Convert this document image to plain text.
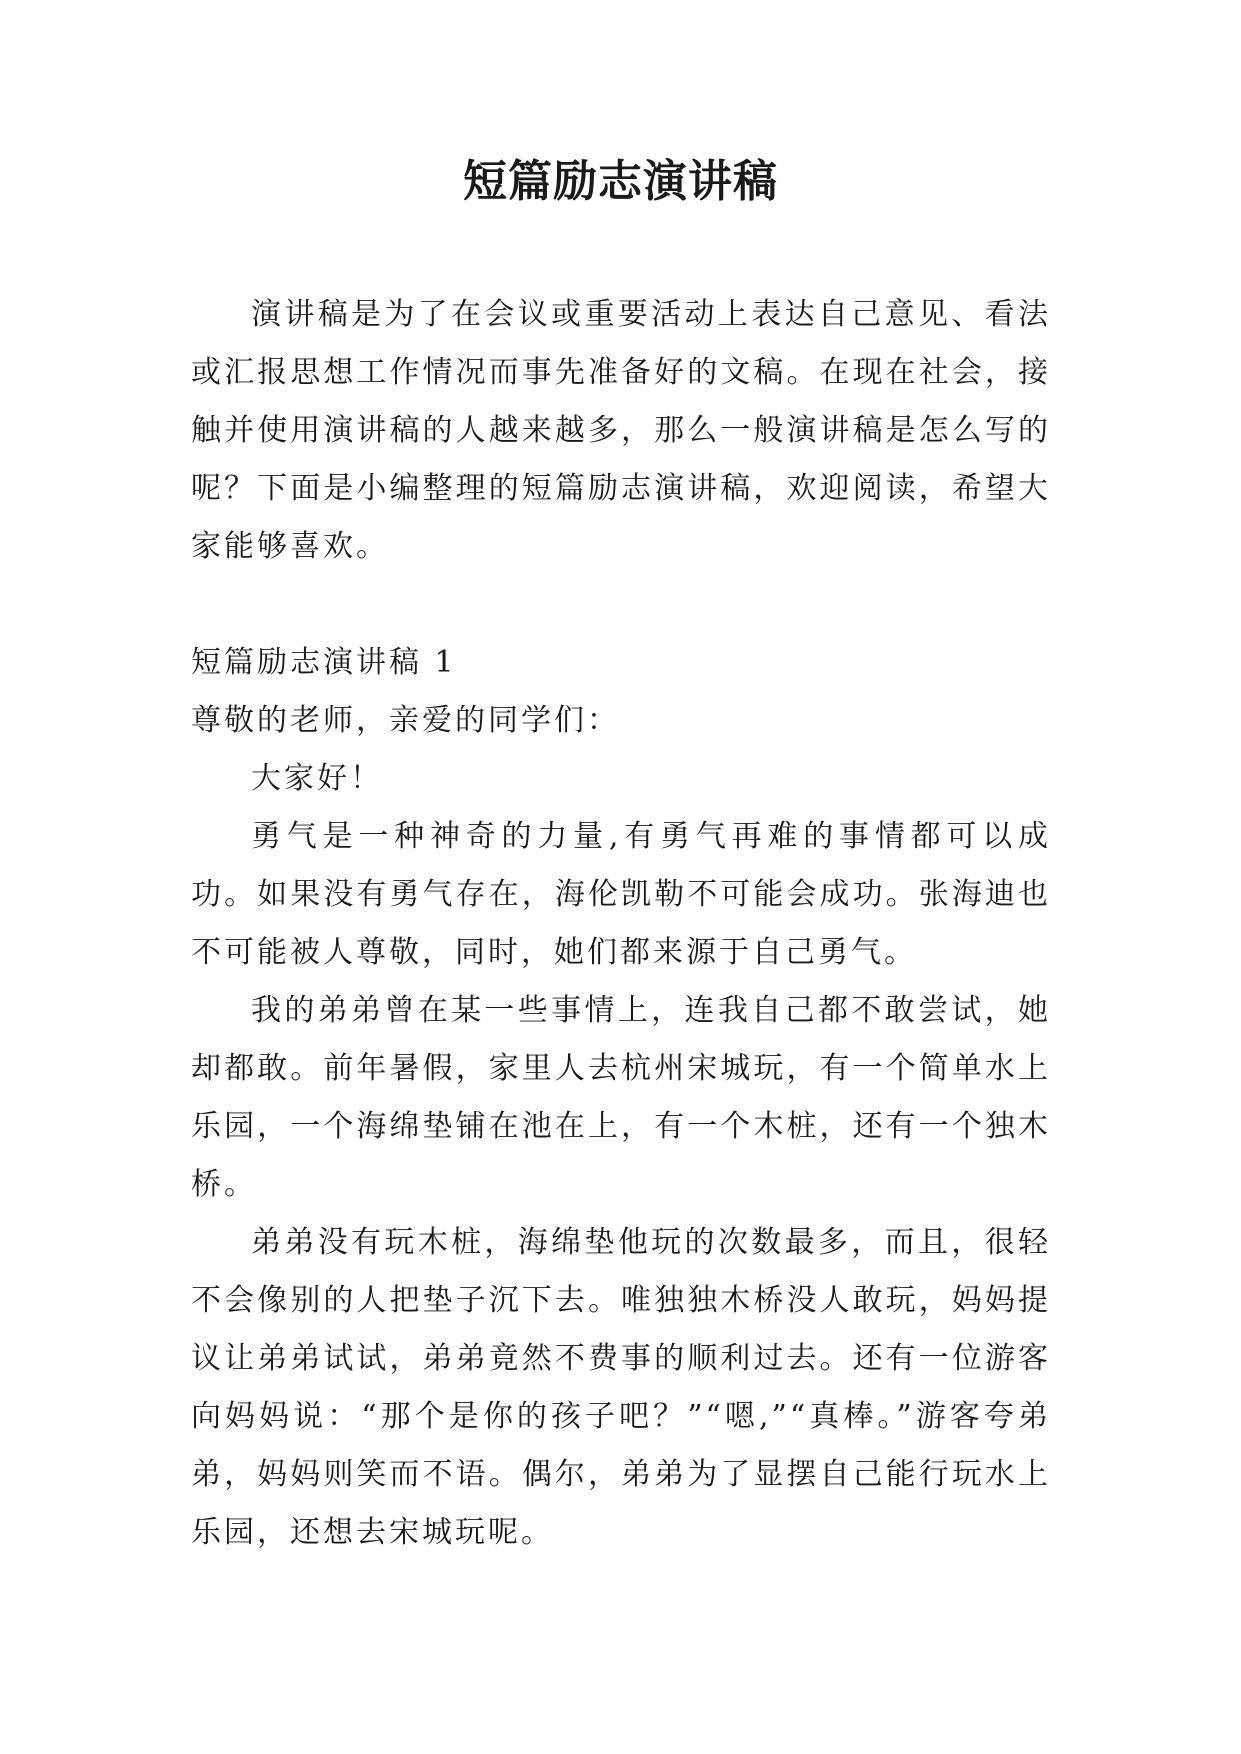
短篇励志演讲稿

演讲稿是为了在会议或重要活动上表达自己意见、看法或汇报思想工作情况而事先准备好的文稿。在现在社会，接触并使用演讲稿的人越来越多，那么一般演讲稿是怎么写的呢？下面是小编整理的短篇励志演讲稿，欢迎阅读，希望大家能够喜欢。

短篇励志演讲稿 1

尊敬的老师，亲爱的同学们：

大家好！

勇气是一种神奇的力量,有勇气再难的事情都可以成功。如果没有勇气存在，海伦凯勒不可能会成功。张海迪也不可能被人尊敬，同时，她们都来源于自己勇气。

我的弟弟曾在某一些事情上，连我自己都不敢尝试，她却都敢。前年暑假，家里人去杭州宋城玩，有一个简单水上乐园，一个海绵垫铺在池在上，有一个木桩，还有一个独木桥。

弟弟没有玩木桩，海绵垫他玩的次数最多，而且，很轻不会像别的人把垫子沉下去。唯独独木桥没人敢玩，妈妈提议让弟弟试试，弟弟竟然不费事的顺利过去。还有一位游客向妈妈说：“那个是你的孩子吧？”“嗯,”“真棒。”游客夸弟弟，妈妈则笑而不语。偶尔，弟弟为了显摆自己能行玩水上乐园，还想去宋城玩呢。
